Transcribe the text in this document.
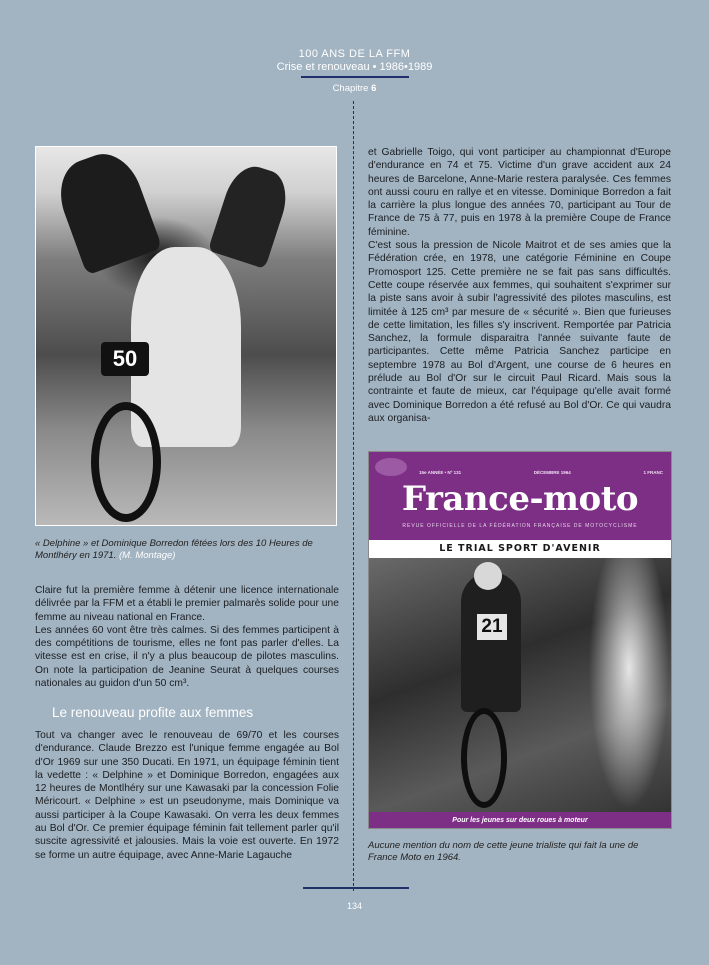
100 ANS DE LA FFM
Crise et renouveau • 1986•1989
Chapitre 6
50
« Delphine » et Dominique Borredon fêtées lors des 10 Heures de Montlhéry en 1971. (M. Montage)
Claire fut la première femme à détenir une licence internationale délivrée par la FFM et a établi le premier palmarès solide pour une femme au niveau national en France.
Les années 60 vont être très calmes. Si des femmes participent à des compétitions de tourisme, elles ne font pas parler d'elles. La vitesse est en crise, il n'y a plus beaucoup de pilotes masculins. On note la participation de Jeanine Seurat à quelques courses nationales au guidon d'un 50 cm³.
Le renouveau profite aux femmes
Tout va changer avec le renouveau de 69/70 et les courses d'endurance. Claude Brezzo est l'unique femme engagée au Bol d'Or 1969 sur une 350 Ducati. En 1971, un équipage féminin tient la vedette : « Delphine » et Dominique Borredon, engagées aux 12 heures de Montlhéry sur une Kawasaki par la concession Folie Méricourt. « Delphine » est un pseudonyme, mais Dominique va aussi participer à la Coupe Kawasaki. On verra les deux femmes au Bol d'Or. Ce premier équipage féminin fait tellement parler qu'il suscite agressivité et jalousies. Mais la voie est ouverte. En 1972 se forme un autre équipage, avec Anne-Marie Lagauche
et Gabrielle Toigo, qui vont participer au championnat d'Europe d'endurance en 74 et 75. Victime d'un grave accident aux 24 heures de Barcelone, Anne-Marie restera paralysée. Ces femmes ont aussi couru en rallye et en vitesse. Dominique Borredon a fait la carrière la plus longue des années 70, participant au Tour de France de 75 à 77, puis en 1978 à la première Coupe de France féminine.
C'est sous la pression de Nicole Maitrot et de ses amies que la Fédération crée, en 1978, une catégorie Féminine en Coupe Promosport 125. Cette première ne se fait pas sans difficultés. Cette coupe réservée aux femmes, qui souhaitent s'exprimer sur la piste sans avoir à subir l'agressivité des pilotes masculins, est limitée à 125 cm³ par mesure de « sécurité ». Bien que furieuses de cette limitation, les filles s'y inscrivent. Remportée par Patricia Sanchez, la formule disparaitra l'année suivante faute de participantes. Cette même Patricia Sanchez participe en septembre 1978 au Bol d'Argent, une course de 6 heures en prélude au Bol d'Or sur le circuit Paul Ricard. Mais sous la contrainte et faute de mieux, car l'équipage qu'elle avait formé avec Dominique Borredon a été refusé au Bol d'Or. Ce qui vaudra aux organisa-
15e ANNÉE • Nº 131	DÉCEMBRE 1964	1 FRANC
France-moto
REVUE OFFICIELLE DE LA FÉDÉRATION FRANÇAISE DE MOTOCYCLISME
LE TRIAL SPORT D'AVENIR
21
Pour les jeunes sur deux roues à moteur
Aucune mention du nom de cette jeune trialiste qui fait la une de France Moto en 1964.
134
